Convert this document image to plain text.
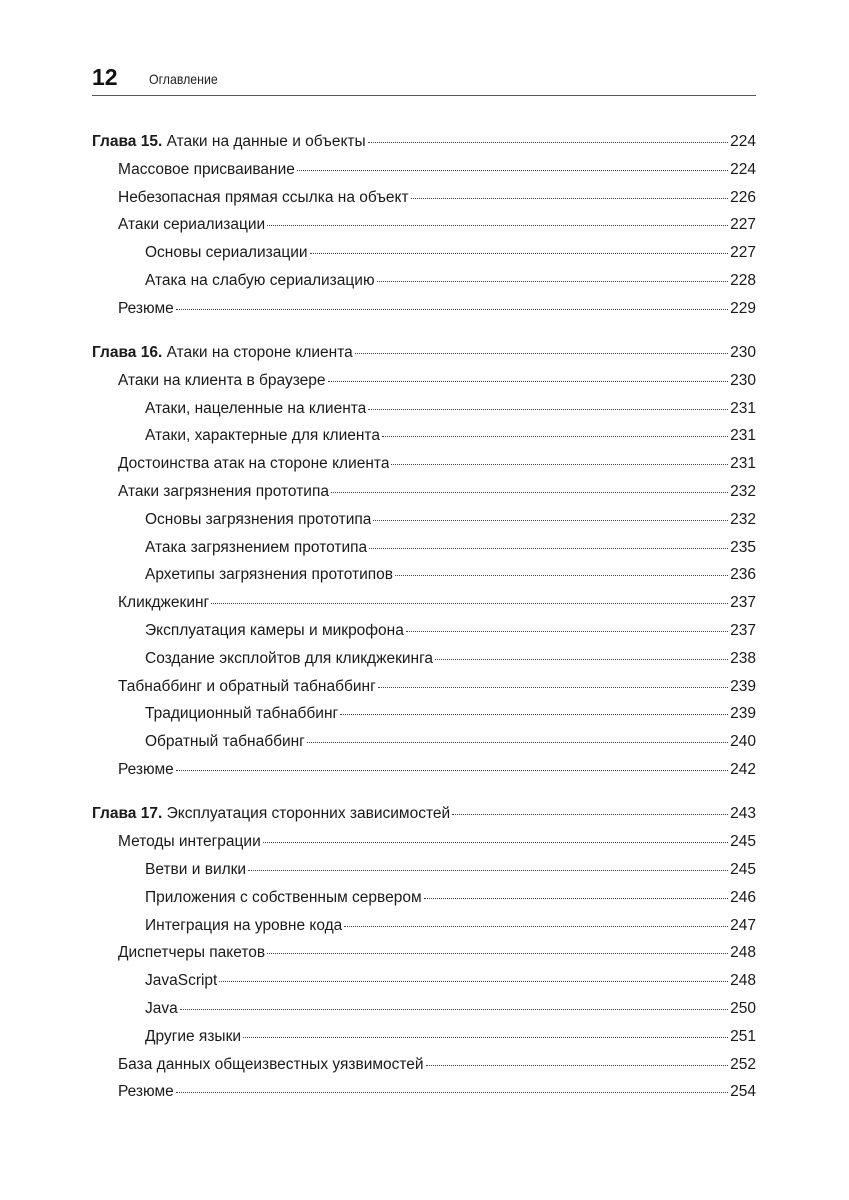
12 Оглавление
Глава 15. Атаки на данные и объекты	224
Массовое присваивание	224
Небезопасная прямая ссылка на объект	226
Атаки сериализации	227
Основы сериализации	227
Атака на слабую сериализацию	228
Резюме	229
Глава 16. Атаки на стороне клиента	230
Атаки на клиента в браузере	230
Атаки, нацеленные на клиента	231
Атаки, характерные для клиента	231
Достоинства атак на стороне клиента	231
Атаки загрязнения прототипа	232
Основы загрязнения прототипа	232
Атака загрязнением прототипа	235
Архетипы загрязнения прототипов	236
Кликджекинг	237
Эксплуатация камеры и микрофона	237
Создание эксплойтов для кликджекинга	238
Табнаббинг и обратный табнаббинг	239
Традиционный табнаббинг	239
Обратный табнаббинг	240
Резюме	242
Глава 17. Эксплуатация сторонних зависимостей	243
Методы интеграции	245
Ветви и вилки	245
Приложения с собственным сервером	246
Интеграция на уровне кода	247
Диспетчеры пакетов	248
JavaScript	248
Java	250
Другие языки	251
База данных общеизвестных уязвимостей	252
Резюме	254
